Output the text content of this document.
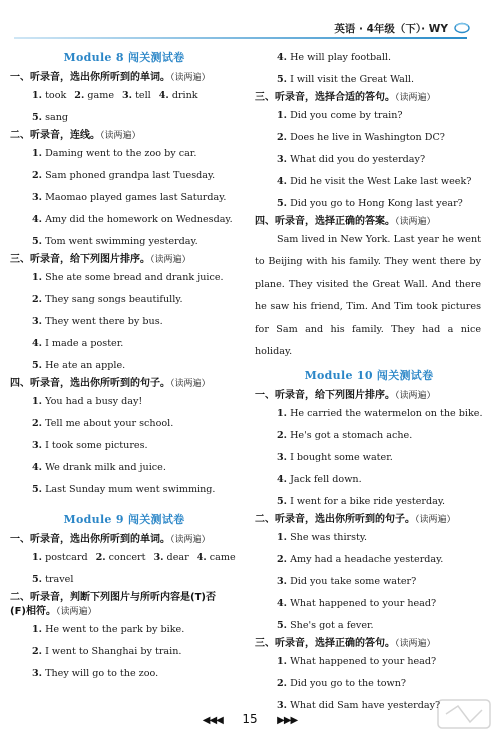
英语 · 4年级（下）· WY
Module 8 闯关测试卷

一、听录音，选出你所听到的单词。（读两遍）

1. took 2. game 3. tell 4. drink
5. sang

二、听录音，连线。（读两遍）

1. Daming went to the zoo by car.
2. Sam phoned grandpa last Tuesday.
3. Maomao played games last Saturday.
4. Amy did the homework on Wednesday.
5. Tom went swimming yesterday.

三、听录音，给下列图片排序。（读两遍）

1. She ate some bread and drank juice.
2. They sang songs beautifully.
3. They went there by bus.
4. I made a poster.
5. He ate an apple.

四、听录音，选出你所听到的句子。（读两遍）

1. You had a busy day!
2. Tell me about your school.
3. I took some pictures.
4. We drank milk and juice.
5. Last Sunday mum went swimming.
Module 9 闯关测试卷

一、听录音，选出你所听到的单词。（读两遍）

1. postcard 2. concert 3. dear 4. came
5. travel

二、听录音，判断下列图片与所听内容是(T)否
(F)相符。（读两遍）

1. He went to the park by bike.
2. I went to Shanghai by train.
3. They will go to the zoo.
4. He will play football.
5. I will visit the Great Wall.

三、听录音，选择合适的答句。（读两遍）

1. Did you come by train?
2. Does he live in Washington DC?
3. What did you do yesterday?
4. Did he visit the West Lake last week?
5. Did you go to Hong Kong last year?

四、听录音，选择正确的答案。（读两遍）

Sam lived in New York. Last year he went to Beijing with his family. They went there by plane. They visited the Great Wall. And there he saw his friend, Tim. And Tim took pictures for Sam and his family. They had a nice holiday.

Module 10 闯关测试卷

一、听录音，给下列图片排序。（读两遍）

1. He carried the watermelon on the bike.
2. He's got a stomach ache.
3. I bought some water.
4. Jack fell down.
5. I went for a bike ride yesterday.

二、听录音，选出你所听到的句子。（读两遍）

1. She was thirsty.
2. Amy had a headache yesterday.
3. Did you take some water?
4. What happened to your head?
5. She's got a fever.

三、听录音，选择正确的答句。（读两遍）

1. What happened to your head?
2. Did you go to the town?
3. What did Sam have yesterday?
◀◀◀ 15 ▶▶▶
